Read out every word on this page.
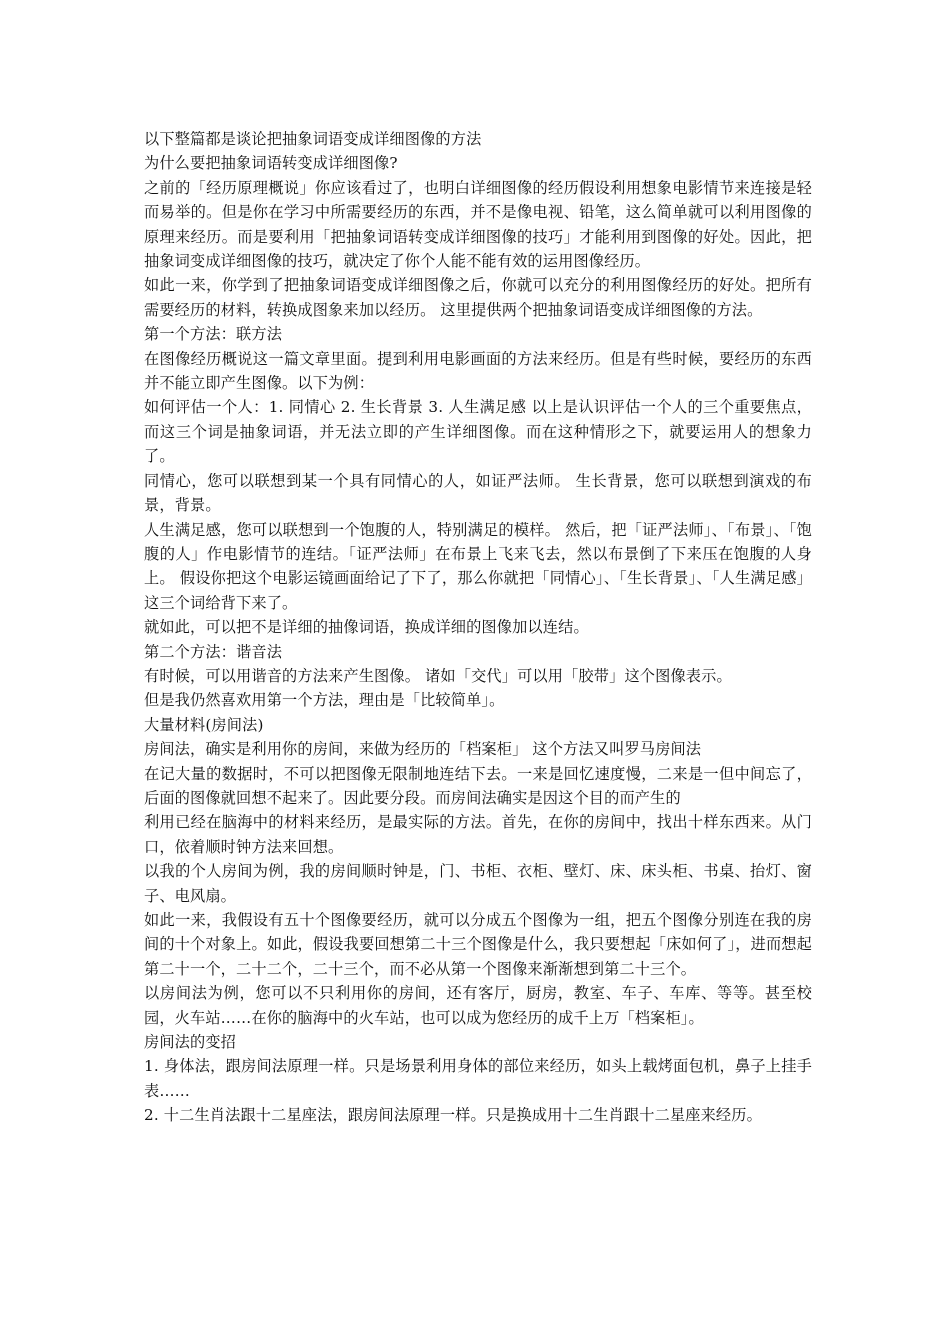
以下整篇都是谈论把抽象词语变成详细图像的方法

为什么要把抽象词语转变成详细图像?

之前的「经历原理概说」你应该看过了，也明白详细图像的经历假设利用想象电影情节来连接是轻而易举的。但是你在学习中所需要经历的东西，并不是像电视、铅笔，这么简单就可以利用图像的原理来经历。而是要利用「把抽象词语转变成详细图像的技巧」才能利用到图像的好处。因此，把抽象词变成详细图像的技巧，就决定了你个人能不能有效的运用图像经历。

如此一来，你学到了把抽象词语变成详细图像之后，你就可以充分的利用图像经历的好处。把所有需要经历的材料，转换成图象来加以经历。 这里提供两个把抽象词语变成详细图像的方法。

第一个方法：联方法

在图像经历概说这一篇文章里面。提到利用电影画面的方法来经历。但是有些时候，要经历的东西并不能立即产生图像。以下为例：

如何评估一个人：1. 同情心 2. 生长背景 3. 人生满足感 以上是认识评估一个人的三个重要焦点，而这三个词是抽象词语，并无法立即的产生详细图像。而在这种情形之下，就要运用人的想象力了。

同情心，您可以联想到某一个具有同情心的人，如证严法师。 生长背景，您可以联想到演戏的布景，背景。

人生满足感，您可以联想到一个饱腹的人，特别满足的模样。 然后，把「证严法师」、「布景」、「饱腹的人」作电影情节的连结。「证严法师」在布景上飞来飞去，然以布景倒了下来压在饱腹的人身上。 假设你把这个电影运镜画面给记了下了，那么你就把「同情心」、「生长背景」、「人生满足感」这三个词给背下来了。

就如此，可以把不是详细的抽像词语，换成详细的图像加以连结。

第二个方法：谐音法

有时候，可以用谐音的方法来产生图像。 诸如「交代」可以用「胶带」这个图像表示。

但是我仍然喜欢用第一个方法，理由是「比较简单」。

大量材料(房间法)

房间法，确实是利用你的房间，来做为经历的「档案柜」 这个方法又叫罗马房间法

在记大量的数据时，不可以把图像无限制地连结下去。一来是回忆速度慢，二来是一但中间忘了，后面的图像就回想不起来了。因此要分段。而房间法确实是因这个目的而产生的

利用已经在脑海中的材料来经历，是最实际的方法。首先，在你的房间中，找出十样东西来。从门口，依着顺时钟方法来回想。

以我的个人房间为例，我的房间顺时钟是，门、书柜、衣柜、壁灯、床、床头柜、书桌、抬灯、窗子、电风扇。

如此一来，我假设有五十个图像要经历，就可以分成五个图像为一组，把五个图像分别连在我的房间的十个对象上。如此，假设我要回想第二十三个图像是什么，我只要想起「床如何了」，进而想起第二十一个，二十二个，二十三个，而不必从第一个图像来渐渐想到第二十三个。

以房间法为例，您可以不只利用你的房间，还有客厅，厨房，教室、车子、车库、等等。甚至校园，火车站……在你的脑海中的火车站，也可以成为您经历的成千上万「档案柜」。

房间法的变招

1. 身体法，跟房间法原理一样。只是场景利用身体的部位来经历，如头上载烤面包机，鼻子上挂手表……

2. 十二生肖法跟十二星座法，跟房间法原理一样。只是换成用十二生肖跟十二星座来经历。
